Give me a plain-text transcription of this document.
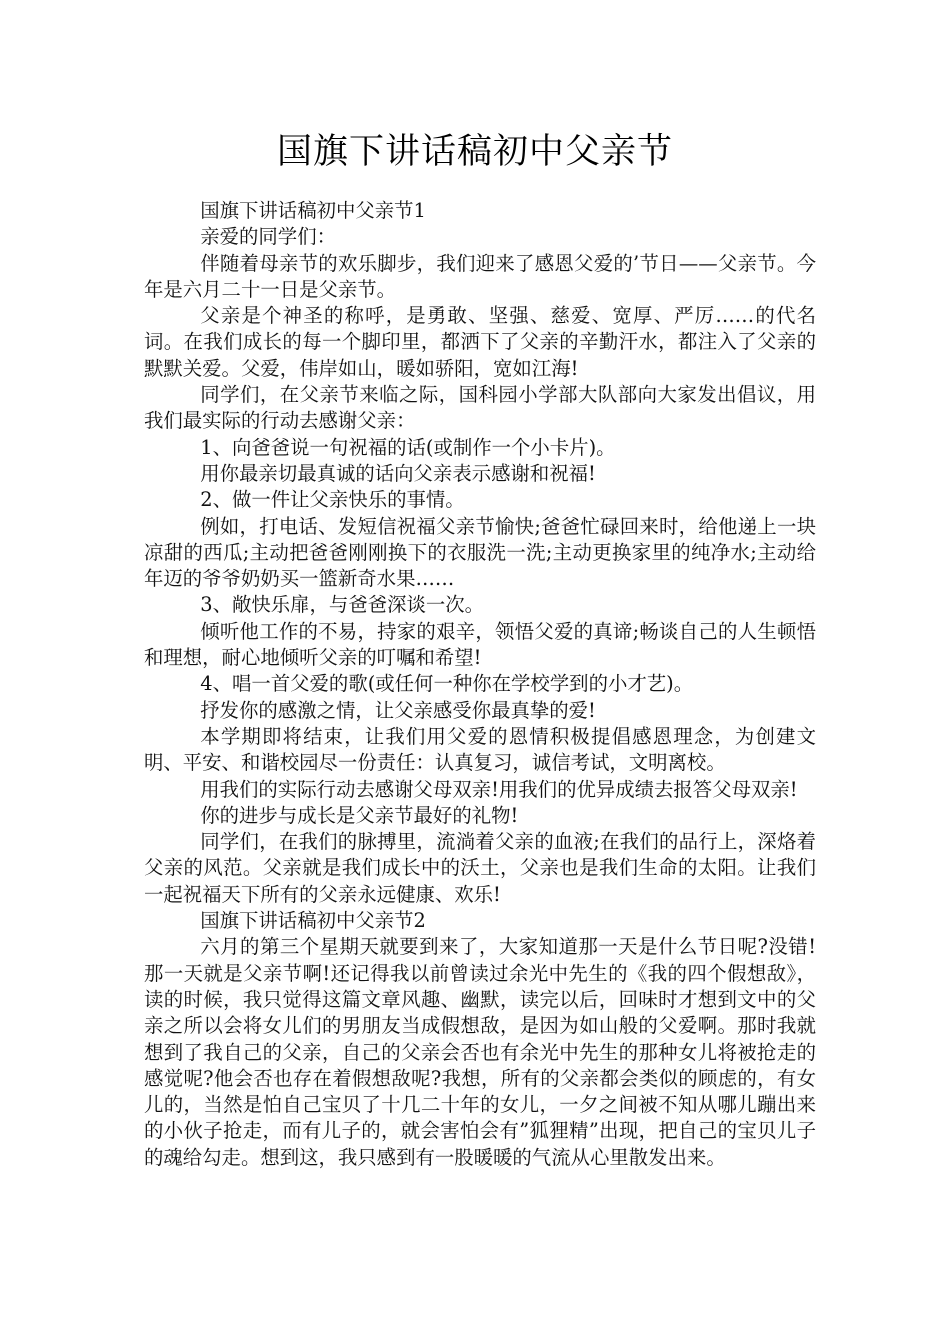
国旗下讲话稿初中父亲节

国旗下讲话稿初中父亲节1

亲爱的同学们：

伴随着母亲节的欢乐脚步，我们迎来了感恩父爱的’节日——父亲节。今年是六月二十一日是父亲节。

父亲是个神圣的称呼，是勇敢、坚强、慈爱、宽厚、严厉……的代名词。在我们成长的每一个脚印里，都洒下了父亲的辛勤汗水，都注入了父亲的默默关爱。父爱，伟岸如山，暖如骄阳，宽如江海!

同学们，在父亲节来临之际，国科园小学部大队部向大家发出倡议，用我们最实际的行动去感谢父亲：

1、向爸爸说一句祝福的话(或制作一个小卡片)。

用你最亲切最真诚的话向父亲表示感谢和祝福!

2、做一件让父亲快乐的事情。

例如，打电话、发短信祝福父亲节愉快;爸爸忙碌回来时，给他递上一块凉甜的西瓜;主动把爸爸刚刚换下的衣服洗一洗;主动更换家里的纯净水;主动给年迈的爷爷奶奶买一篮新奇水果……

3、敞快乐扉，与爸爸深谈一次。

倾听他工作的不易，持家的艰辛，领悟父爱的真谛;畅谈自己的人生顿悟和理想，耐心地倾听父亲的叮嘱和希望!

4、唱一首父爱的歌(或任何一种你在学校学到的小才艺)。

抒发你的感激之情，让父亲感受你最真挚的爱!

本学期即将结束，让我们用父爱的恩情积极提倡感恩理念，为创建文明、平安、和谐校园尽一份责任：认真复习，诚信考试，文明离校。

用我们的实际行动去感谢父母双亲!用我们的优异成绩去报答父母双亲!

你的进步与成长是父亲节最好的礼物!

同学们，在我们的脉搏里，流淌着父亲的血液;在我们的品行上，深烙着父亲的风范。父亲就是我们成长中的沃土，父亲也是我们生命的太阳。让我们一起祝福天下所有的父亲永远健康、欢乐!

国旗下讲话稿初中父亲节2

六月的第三个星期天就要到来了，大家知道那一天是什么节日呢?没错!那一天就是父亲节啊!还记得我以前曾读过余光中先生的《我的四个假想敌》，读的时候，我只觉得这篇文章风趣、幽默，读完以后，回味时才想到文中的父亲之所以会将女儿们的男朋友当成假想敌，是因为如山般的父爱啊。那时我就想到了我自己的父亲，自己的父亲会否也有余光中先生的那种女儿将被抢走的感觉呢?他会否也存在着假想敌呢?我想，所有的父亲都会类似的顾虑的，有女儿的，当然是怕自己宝贝了十几二十年的女儿，一夕之间被不知从哪儿蹦出来的小伙子抢走，而有儿子的，就会害怕会有”狐狸精”出现，把自己的宝贝儿子的魂给勾走。想到这，我只感到有一股暖暖的气流从心里散发出来。
